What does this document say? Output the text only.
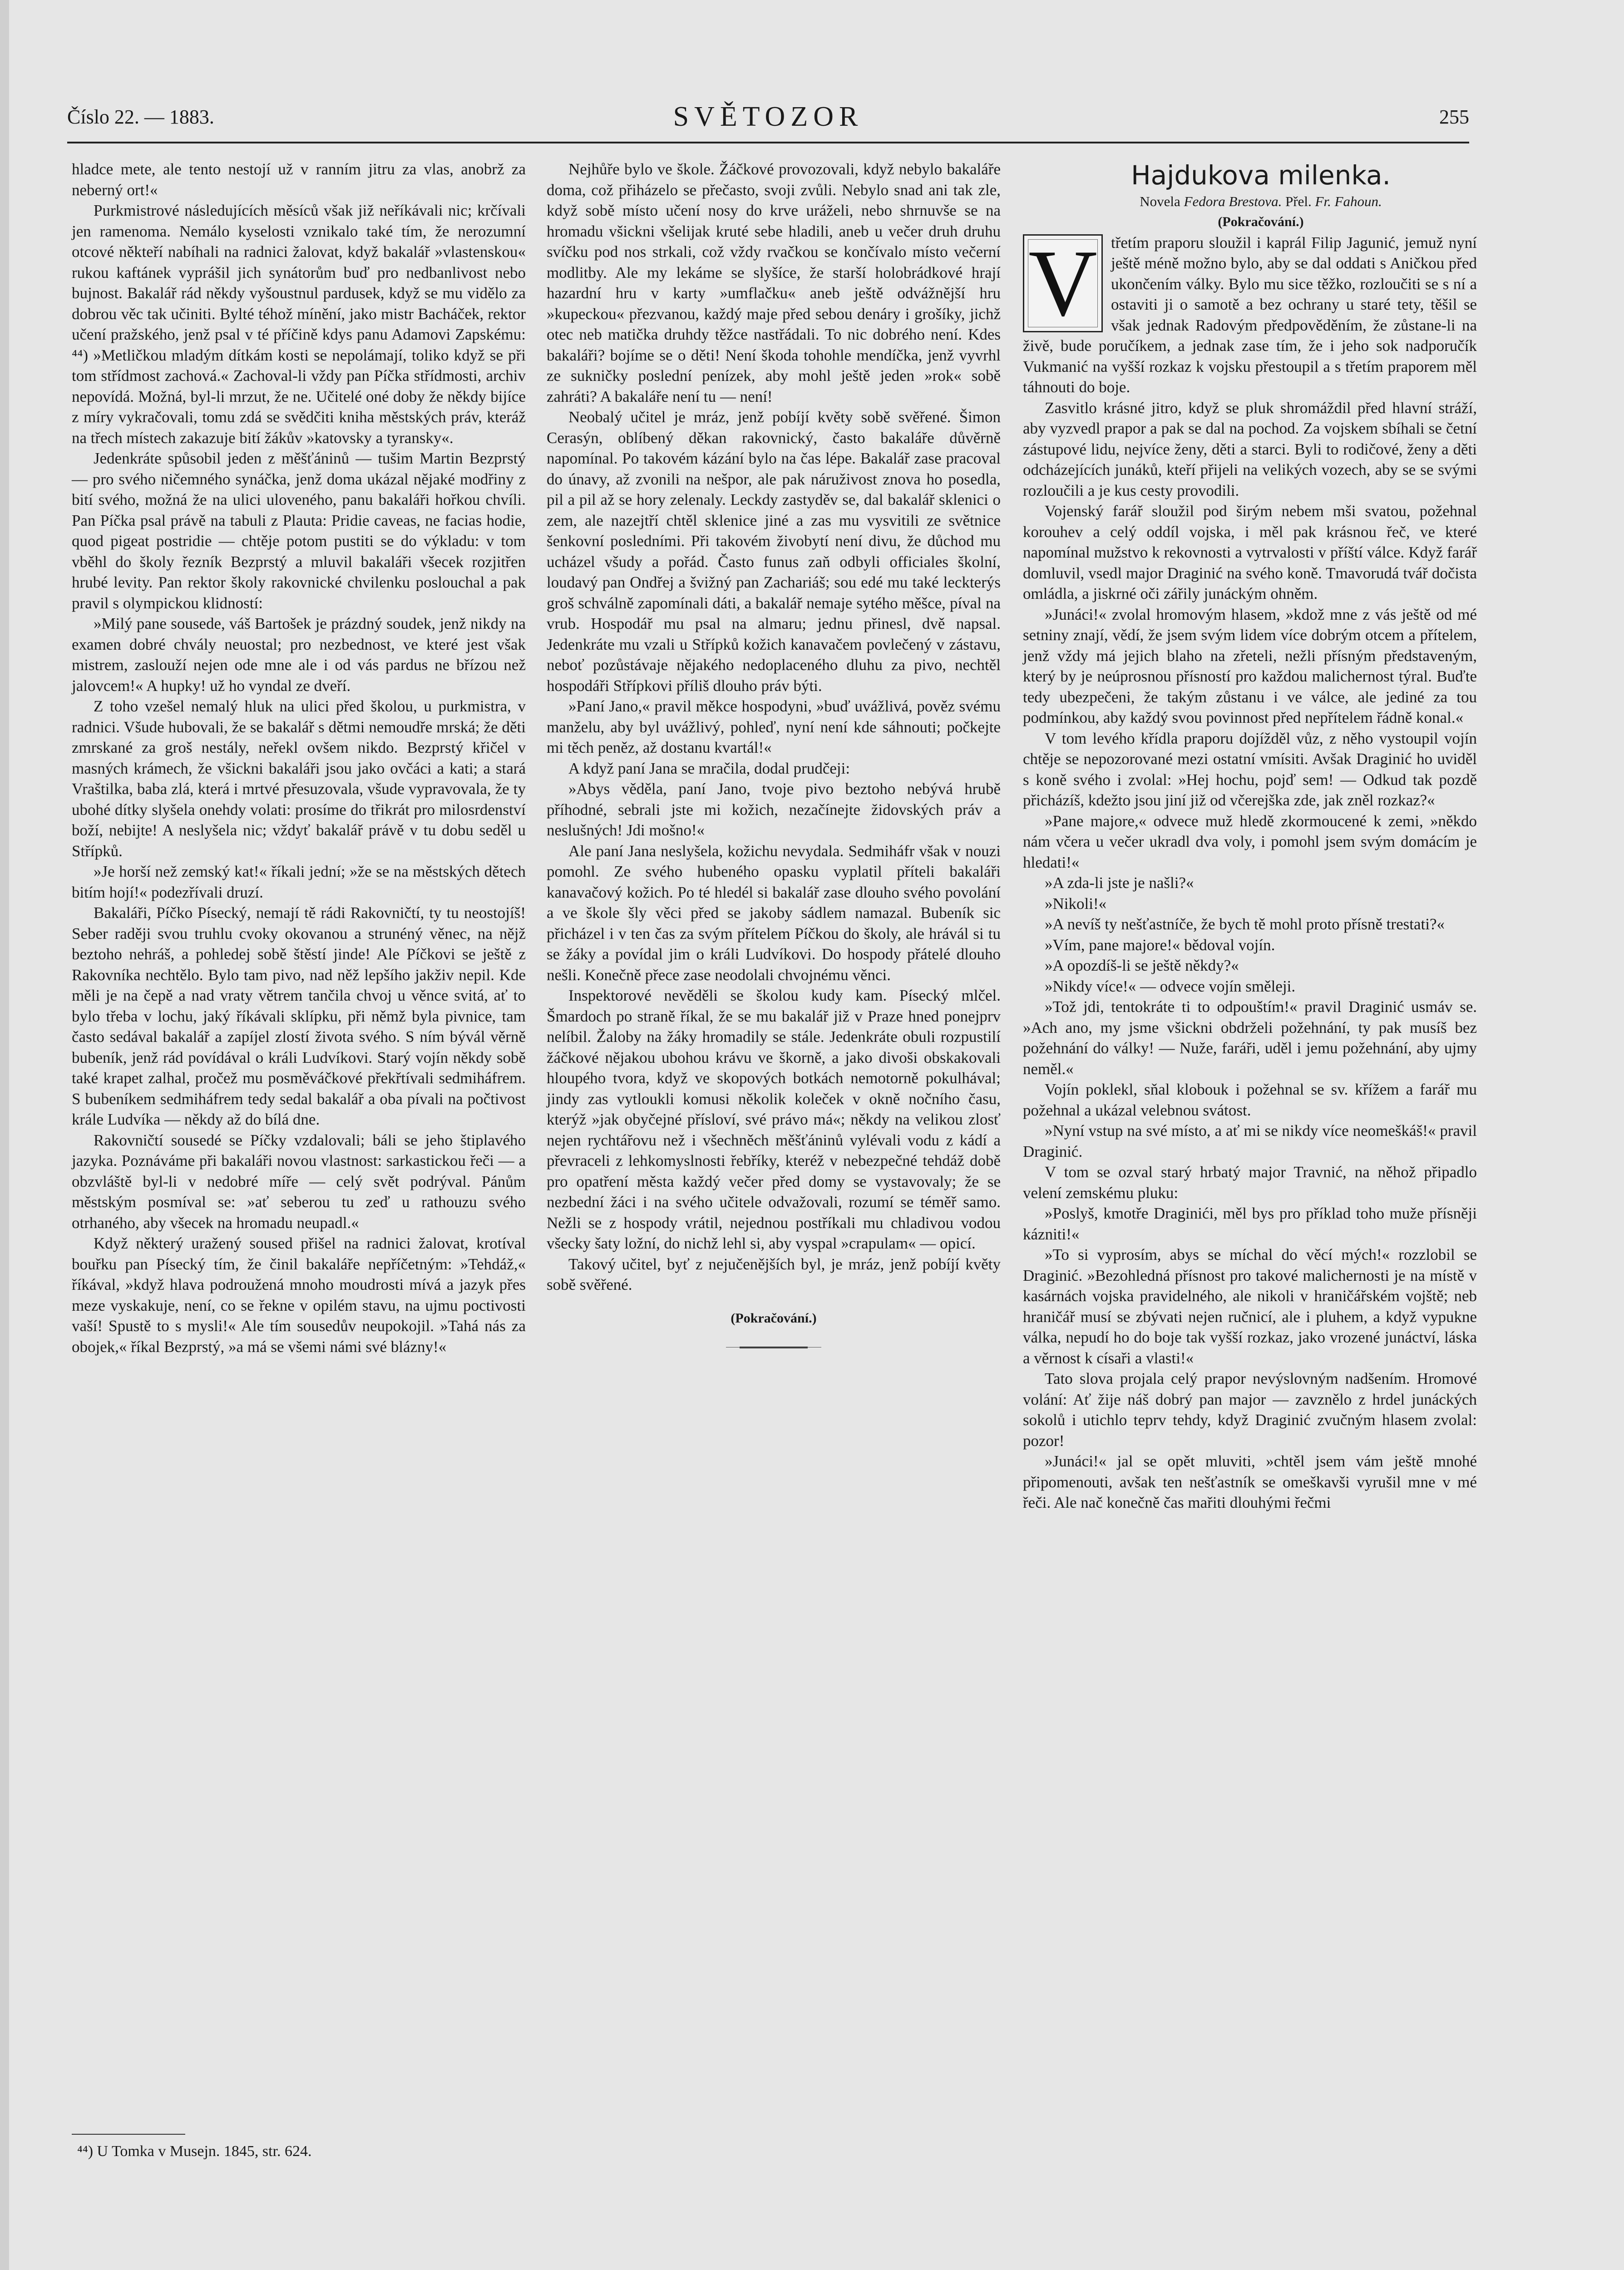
Číslo 22. — 1883.	SVĚTOZOR	255

hladce mete, ale tento nestojí už v ranním jitru za vlas, anobrž za neberný ort!«

Purkmistrové následujících měsíců však již neříkávali nic; krčívali jen ramenoma. Nemálo kyselosti vznikalo také tím, že nerozumní otcové někteří nabíhali na radnici žalovat, když bakalář »vlastenskou« rukou kaftánek vyprášil jich synátorům buď pro nedbanlivost nebo bujnost. Bakalář rád někdy vyšoustnul pardusek, když se mu vidělo za dobrou věc tak učiniti. Bylté téhož mínění, jako mistr Bacháček, rektor učení pražského, jenž psal v té příčině kdys panu Adamovi Zapskému: ⁴⁴) »Metličkou mladým dítkám kosti se nepolámají, toliko když se při tom střídmost zachová.« Zachoval-li vždy pan Píčka střídmosti, archiv nepovídá. Možná, byl-li mrzut, že ne. Učitelé oné doby že někdy bijíce z míry vykračovali, tomu zdá se svědčiti kniha městských práv, kteráž na třech místech zakazuje bití žákův »katovsky a tyransky«.

Jedenkráte spůsobil jeden z měšťáninů — tušim Martin Bezprstý — pro svého ničemného synáčka, jenž doma ukázal nějaké modřiny z bití svého, možná že na ulici uloveného, panu bakaláři hořkou chvíli. Pan Píčka psal právě na tabuli z Plauta: Pridie caveas, ne facias hodie, quod pigeat postridie — chtěje potom pustiti se do výkladu: v tom vběhl do školy řezník Bezprstý a mluvil bakaláři všecek rozjitřen hrubé levity. Pan rektor školy rakovnické chvilenku poslouchal a pak pravil s olympickou klidností:

»Milý pane sousede, váš Bartošek je prázdný soudek, jenž nikdy na examen dobré chvály neuostal; pro nezbednost, ve které jest však mistrem, zaslouží nejen ode mne ale i od vás pardus ne břízou než jalovcem!« A hupky! už ho vyndal ze dveří.

Z toho vzešel nemalý hluk na ulici před školou, u purkmistra, v radnici. Všude hubovali, že se bakalář s dětmi nemoudře mrská; že děti zmrskané za groš nestály, neřekl ovšem nikdo. Bezprstý křičel v masných krámech, že všickni bakaláři jsou jako ovčáci a kati; a stará Vraštilka, baba zlá, která i mrtvé přesuzovala, všude vypravovala, že ty ubohé dítky slyšela onehdy volati: prosíme do třikrát pro milosrdenství boží, nebijte! A neslyšela nic; vždyť bakalář právě v tu dobu seděl u Střípků.

»Je horší než zemský kat!« říkali jední; »že se na městských dětech bitím hojí!« podezřívali druzí.

Bakaláři, Píčko Písecký, nemají tě rádi Rakovničtí, ty tu neostojíš! Seber raději svou truhlu cvoky okovanou a strunéný věnec, na nějž beztoho nehráš, a pohledej sobě štěstí jinde! Ale Píčkovi se ještě z Rakovníka nechtělo. Bylo tam pivo, nad něž lepšího jakživ nepil. Kde měli je na čepě a nad vraty větrem tančila chvoj u věnce svitá, ať to bylo třeba v lochu, jaký říkávali sklípku, při němž byla pivnice, tam často sedával bakalář a zapíjel zlostí života svého. S ním bývál věrně bubeník, jenž rád povídával o králi Ludvíkovi. Starý vojín někdy sobě také krapet zalhal, pročež mu posměváčkové překřtívali sedmiháfrem. S bubeníkem sedmiháfrem tedy sedal bakalář a oba pívali na počtivost krále Ludvíka — někdy až do bílá dne.

Rakovničtí sousedé se Píčky vzdalovali; báli se jeho štiplavého jazyka. Poznáváme při bakaláři novou vlastnost: sarkastickou řeči — a obzvláště byl-li v nedobré míře — celý svět podrýval. Pánům městským posmíval se: »ať seberou tu zeď u rathouzu svého otrhaného, aby všecek na hromadu neupadl.«

Když některý uražený soused přišel na radnici žalovat, krotíval bouřku pan Písecký tím, že činil bakaláře nepříčetným: »Tehdáž,« říkával, »když hlava podroužená mnoho moudrosti mívá a jazyk přes meze vyskakuje, není, co se řekne v opilém stavu, na ujmu poctivosti vaší! Spustě to s mysli!« Ale tím sousedův neupokojil. »Tahá nás za obojek,« říkal Bezprstý, »a má se všemi námi své blázny!«

Nejhůře bylo ve škole. Žáčkové provozovali, když nebylo bakaláře doma, což přiházelo se přečasto, svoji zvůli. Nebylo snad ani tak zle, když sobě místo učení nosy do krve uráželi, nebo shrnuvše se na hromadu všickni všelijak kruté sebe hladili, aneb u večer druh druhu svíčku pod nos strkali, což vždy rvačkou se končívalo místo večerní modlitby. Ale my lekáme se slyšíce, že starší holobrádkové hrají hazardní hru v karty »umflačku« aneb ještě odvážnější hru »kupeckou« přezvanou, každý maje před sebou denáry i grošíky, jichž otec neb matička druhdy těžce nastřádali. To nic dobrého není. Kdes bakaláři? bojíme se o děti! Není škoda tohohle mendíčka, jenž vyvrhl ze sukničky poslední penízek, aby mohl ještě jeden »rok« sobě zahráti? A bakaláře není tu — není!

Neobalý učitel je mráz, jenž pobíjí květy sobě svěřené. Šimon Cerasýn, oblíbený děkan rakovnický, často bakaláře důvěrně napomínal. Po takovém kázání bylo na čas lépe. Bakalář zase pracoval do únavy, až zvonili na nešpor, ale pak náruživost znova ho posedla, pil a pil až se hory zelenaly. Leckdy zastyděv se, dal bakalář sklenici o zem, ale nazejtří chtěl sklenice jiné a zas mu vysvitili ze světnice šenkovní posledními. Při takovém živobytí není divu, že důchod mu ucházel všudy a pořád. Často funus zaň odbyli officiales školní, loudavý pan Ondřej a švižný pan Zachariáš; sou edé mu také leckterýs groš schválně zapomínali dáti, a bakalář nemaje sytého měšce, píval na vrub. Hospodář mu psal na almaru; jednu přinesl, dvě napsal. Jedenkráte mu vzali u Střípků kožich kanavačem povlečený v zástavu, neboť pozůstávaje nějakého nedoplaceného dluhu za pivo, nechtěl hospodáři Střípkovi příliš dlouho práv býti.

»Paní Jano,« pravil měkce hospodyni, »buď uvážlivá, pověz svému manželu, aby byl uvážlivý, pohleď, nyní není kde sáhnouti; počkejte mi těch peněz, až dostanu kvartál!«

A když paní Jana se mračila, dodal prudčeji:

»Abys věděla, paní Jano, tvoje pivo beztoho nebývá hrubě příhodné, sebrali jste mi kožich, nezačínejte židovských práv a neslušných! Jdi mošno!«

Ale paní Jana neslyšela, kožichu nevydala. Sedmiháfr však v nouzi pomohl. Ze svého hubeného opasku vyplatil příteli bakaláři kanavačový kožich. Po té hledél si bakalář zase dlouho svého povolání a ve škole šly věci před se jakoby sádlem namazal. Bubeník sic přicházel i v ten čas za svým přítelem Píčkou do školy, ale hrávál si tu se žáky a povídal jim o králi Ludvíkovi. Do hospody přátelé dlouho nešli. Konečně přece zase neodolali chvojnému věnci.

Inspektorové nevěděli se školou kudy kam. Písecký mlčel. Šmardoch po straně říkal, že se mu bakalář již v Praze hned ponejprv nelíbil. Žaloby na žáky hromadily se stále. Jedenkráte obuli rozpustilí žáčkové nějakou ubohou krávu ve škorně, a jako divoši obskakovali hloupého tvora, když ve skopových botkách nemotorně pokulhával; jindy zas vytloukli komusi několik koleček v okně nočního času, kterýž »jak obyčejné přísloví, své právo má«; někdy na velikou zlosť nejen rychtářovu než i všechněch měšťáninů vylévali vodu z kádí a převraceli z lehkomyslnosti řebříky, kteréž v nebezpečné tehdáž době pro opatření města každý večer před domy se vystavovaly; že se nezbední žáci i na svého učitele odvažovali, rozumí se téměř samo. Nežli se z hospody vrátil, nejednou postříkali mu chladivou vodou všecky šaty ložní, do nichž lehl si, aby vyspal »crapulam« — opicí.

Takový učitel, byť z nejučenějších byl, je mráz, jenž pobíjí květy sobě svěřené.

(Pokračování.)

Hajdukova milenka.

Novela Fedora Brestova. Přel. Fr. Fahoun.

(Pokračování.)

V třetím praporu sloužil i kaprál Filip Jagunić, jemuž nyní ještě méně možno bylo, aby se dal oddati s Aničkou před ukončením války. Bylo mu sice těžko, rozloučiti se s ní a ostaviti ji o samotě a bez ochrany u staré tety, těšil se však jednak Radovým předpověděním, že zůstane-li na živě, bude poručíkem, a jednak zase tím, že i jeho sok nadporučík Vukmanić na vyšší rozkaz k vojsku přestoupil a s třetím praporem měl táhnouti do boje.

Zasvitlo krásné jitro, když se pluk shromáždil před hlavní stráží, aby vyzvedl prapor a pak se dal na pochod. Za vojskem sbíhali se četní zástupové lidu, nejvíce ženy, děti a starci. Byli to rodičové, ženy a děti odcházejících junáků, kteří přijeli na velikých vozech, aby se se svými rozloučili a je kus cesty provodili.

Vojenský farář sloužil pod širým nebem mši svatou, požehnal korouhev a celý oddíl vojska, i měl pak krásnou řeč, ve které napomínal mužstvo k rekovnosti a vytrvalosti v příští válce. Když farář domluvil, vsedl major Draginić na svého koně. Tmavorudá tvář dočista omládla, a jiskrné oči zářily junáckým ohněm.

»Junáci!« zvolal hromovým hlasem, »kdož mne z vás ještě od mé setniny znají, vědí, že jsem svým lidem více dobrým otcem a přítelem, jenž vždy má jejich blaho na zřeteli, nežli přísným představeným, který by je neúprosnou přísností pro každou malichernost týral. Buďte tedy ubezpečeni, že takým zůstanu i ve válce, ale jediné za tou podmínkou, aby každý svou povinnost před nepřítelem řádně konal.«

V tom levého křídla praporu dojížděl vůz, z něho vystoupil vojín chtěje se nepozorované mezi ostatní vmísiti. Avšak Draginić ho uviděl s koně svého i zvolal: »Hej hochu, pojď sem! — Odkud tak pozdě přicházíš, kdežto jsou jiní již od včerejška zde, jak zněl rozkaz?«

»Pane majore,« odvece muž hledě zkormoucené k zemi, »někdo nám včera u večer ukradl dva voly, i pomohl jsem svým domácím je hledati!«

»A zda-li jste je našli?«

»Nikoli!«

»A nevíš ty nešťastníče, že bych tě mohl proto přísně trestati?«

»Vím, pane majore!« bědoval vojín.

»A opozdíš-li se ještě někdy?«

»Nikdy více!« — odvece vojín směleji.

»Tož jdi, tentokráte ti to odpouštím!« pravil Draginić usmáv se. »Ach ano, my jsme všickni obdrželi požehnání, ty pak musíš bez požehnání do války! — Nuže, faráři, uděl i jemu požehnání, aby ujmy neměl.«

Vojín poklekl, sňal klobouk i požehnal se sv. křížem a farář mu požehnal a ukázal velebnou svátost.

»Nyní vstup na své místo, a ať mi se nikdy více neomeškáš!« pravil Draginić.

V tom se ozval starý hrbatý major Travnić, na něhož připadlo velení zemskému pluku:

»Poslyš, kmotře Draginići, měl bys pro příklad toho muže přísněji kázniti!«

»To si vyprosím, abys se míchal do věcí mých!« rozzlobil se Draginić. »Bezohledná přísnost pro takové malichernosti je na místě v kasárnách vojska pravidelného, ale nikoli v hraničářském vojště; neb hraničář musí se zbývati nejen ručnicí, ale i pluhem, a když vypukne válka, nepudí ho do boje tak vyšší rozkaz, jako vrozené junáctví, láska a věrnost k císaři a vlasti!«

Tato slova projala celý prapor nevýslovným nadšením. Hromové volání: Ať žije náš dobrý pan major — zavznělo z hrdel junáckých sokolů i utichlo teprv tehdy, když Draginić zvučným hlasem zvolal: pozor!

»Junáci!« jal se opět mluviti, »chtěl jsem vám ještě mnohé připomenouti, avšak ten nešťastník se omeškavši vyrušil mne v mé řeči. Ale nač konečně čas mařiti dlouhými řečmi

⁴⁴) U Tomka v Musejn. 1845, str. 624.
